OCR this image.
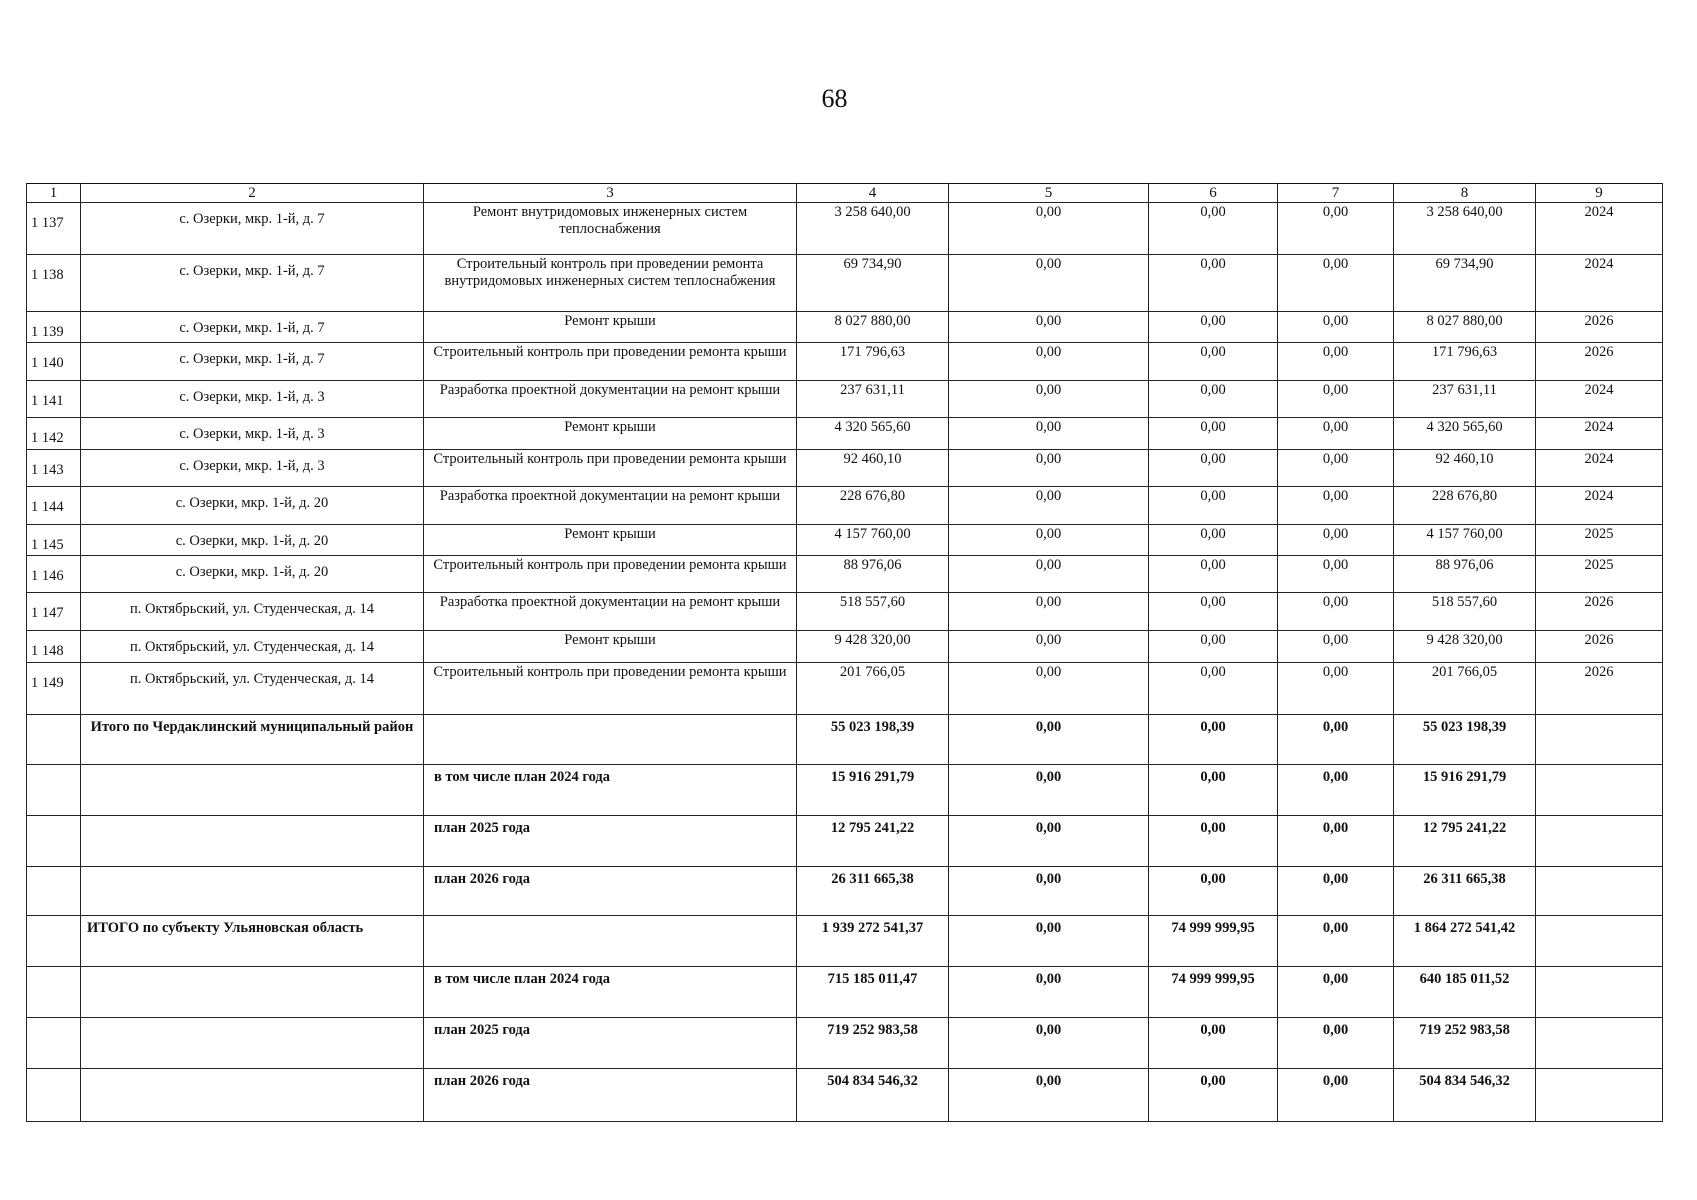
68
1	2	3	4	5	6	7	8	9
1 137	с. Озерки, мкр. 1-й, д. 7	Ремонт внутридомовых инженерных систем теплоснабжения	3 258 640,00	0,00	0,00	0,00	3 258 640,00	2024
1 138	с. Озерки, мкр. 1-й, д. 7	Строительный контроль при проведении ремонта внутридомовых инженерных систем теплоснабжения	69 734,90	0,00	0,00	0,00	69 734,90	2024
1 139	с. Озерки, мкр. 1-й, д. 7	Ремонт крыши	8 027 880,00	0,00	0,00	0,00	8 027 880,00	2026
1 140	с. Озерки, мкр. 1-й, д. 7	Строительный контроль при проведении ремонта крыши	171 796,63	0,00	0,00	0,00	171 796,63	2026
1 141	с. Озерки, мкр. 1-й, д. 3	Разработка проектной документации на ремонт крыши	237 631,11	0,00	0,00	0,00	237 631,11	2024
1 142	с. Озерки, мкр. 1-й, д. 3	Ремонт крыши	4 320 565,60	0,00	0,00	0,00	4 320 565,60	2024
1 143	с. Озерки, мкр. 1-й, д. 3	Строительный контроль при проведении ремонта крыши	92 460,10	0,00	0,00	0,00	92 460,10	2024
1 144	с. Озерки, мкр. 1-й, д. 20	Разработка проектной документации на ремонт крыши	228 676,80	0,00	0,00	0,00	228 676,80	2024
1 145	с. Озерки, мкр. 1-й, д. 20	Ремонт крыши	4 157 760,00	0,00	0,00	0,00	4 157 760,00	2025
1 146	с. Озерки, мкр. 1-й, д. 20	Строительный контроль при проведении ремонта крыши	88 976,06	0,00	0,00	0,00	88 976,06	2025
1 147	п. Октябрьский, ул. Студенческая, д. 14	Разработка проектной документации на ремонт крыши	518 557,60	0,00	0,00	0,00	518 557,60	2026
1 148	п. Октябрьский, ул. Студенческая, д. 14	Ремонт крыши	9 428 320,00	0,00	0,00	0,00	9 428 320,00	2026
1 149	п. Октябрьский, ул. Студенческая, д. 14	Строительный контроль при проведении ремонта крыши	201 766,05	0,00	0,00	0,00	201 766,05	2026
	Итого по Чердаклинский муниципальный район		55 023 198,39	0,00	0,00	0,00	55 023 198,39	
		в том числе план 2024 года	15 916 291,79	0,00	0,00	0,00	15 916 291,79	
		план 2025 года	12 795 241,22	0,00	0,00	0,00	12 795 241,22	
		план 2026 года	26 311 665,38	0,00	0,00	0,00	26 311 665,38	
	ИТОГО по субъекту Ульяновская область		1 939 272 541,37	0,00	74 999 999,95	0,00	1 864 272 541,42	
		в том числе план 2024 года	715 185 011,47	0,00	74 999 999,95	0,00	640 185 011,52	
		план 2025 года	719 252 983,58	0,00	0,00	0,00	719 252 983,58	
		план 2026 года	504 834 546,32	0,00	0,00	0,00	504 834 546,32	
